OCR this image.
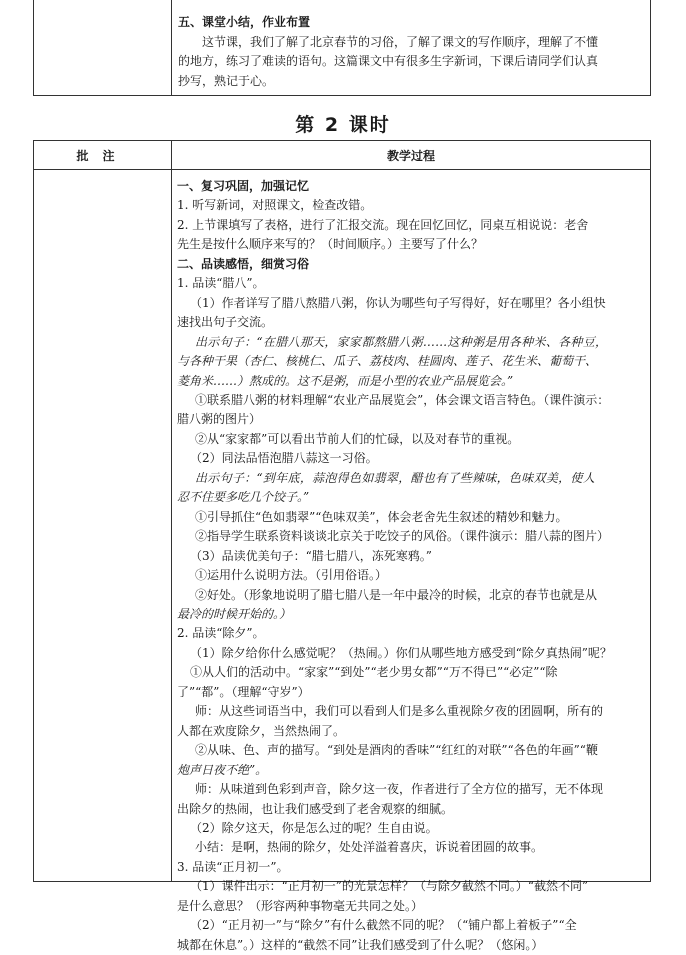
五、课堂小结，作业布置
这节课，我们了解了北京春节的习俗，了解了课文的写作顺序，理解了不懂
的地方，练习了难读的语句。这篇课文中有很多生字新词，下课后请同学们认真
抄写，熟记于心。
第 2 课时
批注	教学过程
一、复习巩固，加强记忆
1. 听写新词，对照课文，检查改错。
2. 上节课填写了表格，进行了汇报交流。现在回忆回忆，同桌互相说说：老舍
先生是按什么顺序来写的？（时间顺序。）主要写了什么？
二、品读感悟，细赏习俗
1. 品读“腊八”。
（1）作者详写了腊八熬腊八粥，你认为哪些句子写得好，好在哪里？各小组快
速找出句子交流。
出示句子：“在腊八那天，家家都熬腊八粥……这种粥是用各种米、各种豆，
与各种干果（杏仁、核桃仁、瓜子、荔枝肉、桂圆肉、莲子、花生米、葡萄干、
菱角米……）熬成的。这不是粥，而是小型的农业产品展览会。”
①联系腊八粥的材料理解“农业产品展览会”，体会课文语言特色。（课件演示：
腊八粥的图片）
②从“家家都”可以看出节前人们的忙碌，以及对春节的重视。
（2）同法品悟泡腊八蒜这一习俗。
出示句子：“到年底，蒜泡得色如翡翠，醋也有了些辣味，色味双美，使人
忍不住要多吃几个饺子。”
①引导抓住“色如翡翠”“色味双美”，体会老舍先生叙述的精妙和魅力。
②指导学生联系资料谈谈北京关于吃饺子的风俗。（课件演示：腊八蒜的图片）
（3）品读优美句子：“腊七腊八，冻死寒鸦。”
①运用什么说明方法。（引用俗语。）
②好处。（形象地说明了腊七腊八是一年中最冷的时候，北京的春节也就是从
最冷的时候开始的。）
2. 品读“除夕”。
（1）除夕给你什么感觉呢？（热闹。）你们从哪些地方感受到“除夕真热闹”呢？
①从人们的活动中。“家家”“到处”“老少男女都”“万不得已”“必定”“除
了”“都”。（理解“守岁”）
师：从这些词语当中，我们可以看到人们是多么重视除夕夜的团圆啊，所有的
人都在欢度除夕，当然热闹了。
②从味、色、声的描写。“到处是酒肉的香味”“红红的对联”“各色的年画”“鞭
炮声日夜不绝”。
师：从味道到色彩到声音，除夕这一夜，作者进行了全方位的描写，无不体现
出除夕的热闹，也让我们感受到了老舍观察的细腻。
（2）除夕这天，你是怎么过的呢？生自由说。
小结：是啊，热闹的除夕，处处洋溢着喜庆，诉说着团圆的故事。
3. 品读“正月初一”。
（1）课件出示：“正月初一”的光景怎样？（与除夕截然不同。）“截然不同”
是什么意思？（形容两种事物毫无共同之处。）
（2）“正月初一”与“除夕”有什么截然不同的呢？（“铺户都上着板子”“全
城都在休息”。）这样的“截然不同”让我们感受到了什么呢？（悠闲。）
